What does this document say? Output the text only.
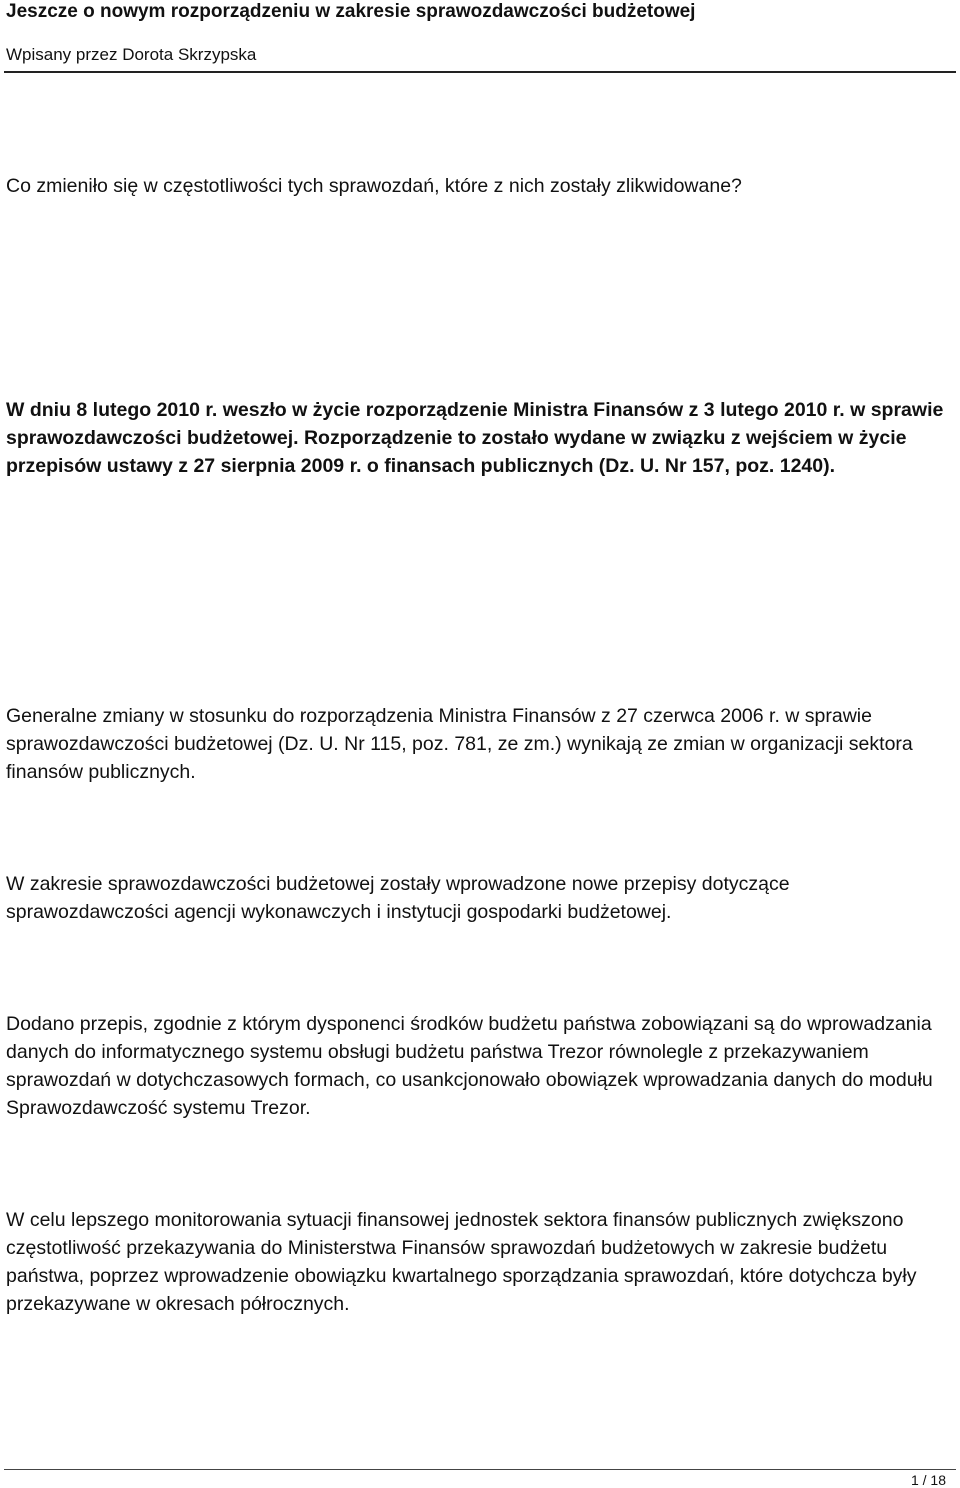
Jeszcze o nowym rozporządzeniu w zakresie sprawozdawczości budżetowej
Wpisany przez Dorota Skrzypska

Co zmieniło się w częstotliwości tych sprawozdań, które z nich zostały zlikwidowane?

W dniu 8 lutego 2010 r. weszło w życie rozporządzenie Ministra Finansów z 3 lutego 2010 r. w sprawie sprawozdawczości budżetowej. Rozporządzenie to zostało wydane w związku z wejściem w życie przepisów ustawy z 27 sierpnia 2009 r. o finansach publicznych (Dz. U. Nr 157, poz. 1240).

Generalne zmiany w stosunku do rozporządzenia Ministra Finansów z 27 czerwca 2006 r. w sprawie sprawozdawczości budżetowej (Dz. U. Nr 115, poz. 781, ze zm.) wynikają ze zmian w organizacji sektora finansów publicznych.

W zakresie sprawozdawczości budżetowej zostały wprowadzone nowe przepisy dotyczące sprawozdawczości agencji wykonawczych i instytucji gospodarki budżetowej.

Dodano przepis, zgodnie z którym dysponenci środków budżetu państwa zobowiązani są do wprowadzania danych do informatycznego systemu obsługi budżetu państwa Trezor równolegle z przekazywaniem sprawozdań w dotychczasowych formach, co usankcjonowało obowiązek wprowadzania danych do modułu Sprawozdawczość systemu Trezor.

W celu lepszego monitorowania sytuacji finansowej jednostek sektora finansów publicznych zwiększono częstotliwość przekazywania do Ministerstwa Finansów sprawozdań budżetowych w zakresie budżetu państwa, poprzez wprowadzenie obowiązku kwartalnego sporządzania sprawozdań, które dotychcza były przekazywane w okresach półrocznych.

1 / 18
